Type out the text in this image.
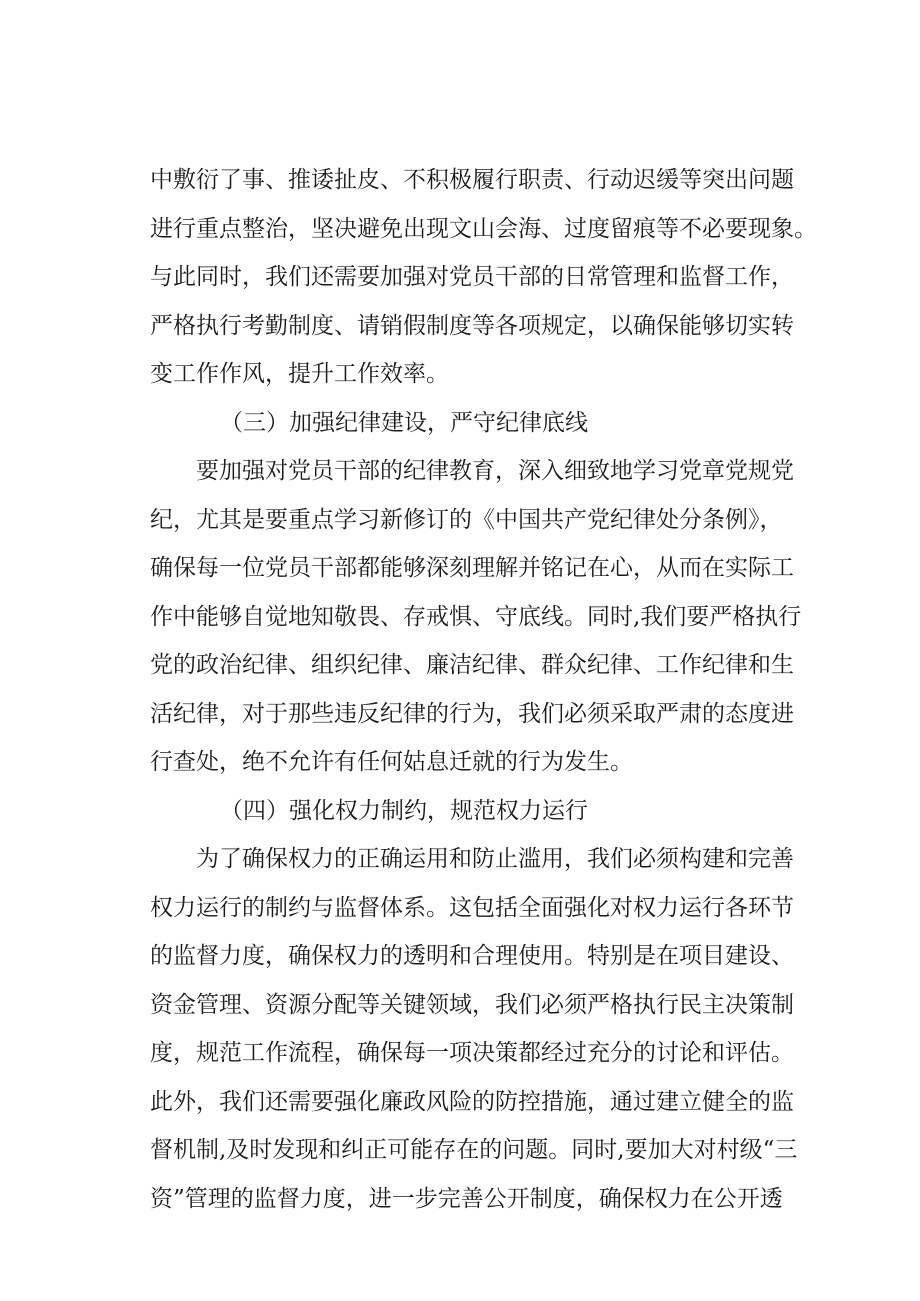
中敷衍了事、推诿扯皮、不积极履行职责、行动迟缓等突出问题
进行重点整治，坚决避免出现文山会海、过度留痕等不必要现象。
与此同时，我们还需要加强对党员干部的日常管理和监督工作，
严格执行考勤制度、请销假制度等各项规定，以确保能够切实转
变工作作风，提升工作效率。
（三）加强纪律建设，严守纪律底线
要加强对党员干部的纪律教育，深入细致地学习党章党规党
纪，尤其是要重点学习新修订的《中国共产党纪律处分条例》，
确保每一位党员干部都能够深刻理解并铭记在心，从而在实际工
作中能够自觉地知敬畏、存戒惧、守底线。同时,我们要严格执行
党的政治纪律、组织纪律、廉洁纪律、群众纪律、工作纪律和生
活纪律，对于那些违反纪律的行为，我们必须采取严肃的态度进
行查处，绝不允许有任何姑息迁就的行为发生。
（四）强化权力制约，规范权力运行
为了确保权力的正确运用和防止滥用，我们必须构建和完善
权力运行的制约与监督体系。这包括全面强化对权力运行各环节
的监督力度，确保权力的透明和合理使用。特别是在项目建设、
资金管理、资源分配等关键领域，我们必须严格执行民主决策制
度，规范工作流程，确保每一项决策都经过充分的讨论和评估。
此外，我们还需要强化廉政风险的防控措施，通过建立健全的监
督机制,及时发现和纠正可能存在的问题。同时,要加大对村级“三
资”管理的监督力度，进一步完善公开制度，确保权力在公开透
